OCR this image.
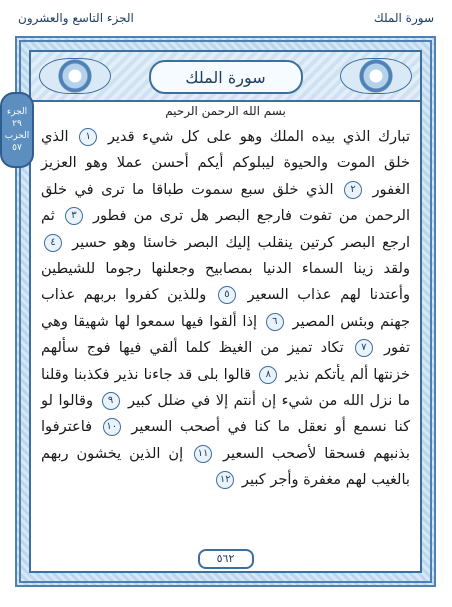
الجزء التاسع والعشرون	سورة الملك
سورة الملك
بسم الله الرحمن الرحيم
تبارك الذي بيده الملك وهو على كل شيء قدير ١ الذي خلق الموت والحيوة ليبلوكم أيكم أحسن عملا وهو العزيز الغفور ٢ الذي خلق سبع سموت طباقا ما ترى في خلق الرحمن من تفوت فارجع البصر هل ترى من فطور ٣ ثم ارجع البصر كرتين ينقلب إليك البصر خاسئا وهو حسير ٤ ولقد زينا السماء الدنيا بمصابيح وجعلنها رجوما للشيطين وأعتدنا لهم عذاب السعير ٥ وللذين كفروا بربهم عذاب جهنم وبئس المصير ٦ إذا ألقوا فيها سمعوا لها شهيقا وهي تفور ٧ تكاد تميز من الغيظ كلما ألقي فيها فوج سألهم خزنتها ألم يأتكم نذير ٨ قالوا بلى قد جاءنا نذير فكذبنا وقلنا ما نزل الله من شيء إن أنتم إلا في ضلل كبير ٩ وقالوا لو كنا نسمع أو نعقل ما كنا في أصحب السعير ١٠ فاعترفوا بذنبهم فسحقا لأصحب السعير ١١ إن الذين يخشون ربهم بالغيب لهم مغفرة وأجر كبير ١٢
٥٦٢
الجزء ٢٩
الحزب ٥٧
